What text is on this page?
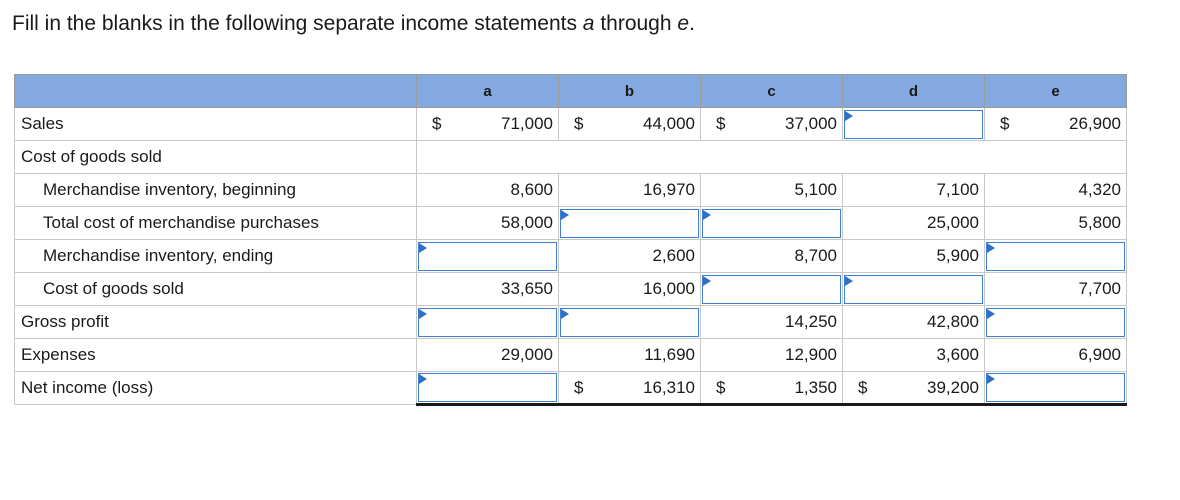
Fill in the blanks in the following separate income statements a through e.
	a		b		c		d		e	
Sales	$	71,000	$	44,000	$	37,000			$	26,900
Cost of goods sold										
Merchandise inventory, beginning		8,600		16,970		5,100		7,100		4,320
Total cost of merchandise purchases		58,000						25,000		5,800
Merchandise inventory, ending				2,600		8,700		5,900		

Cost of goods sold		33,650		16,000						7,700
Gross profit						14,250		42,800		

Expenses		29,000		11,690		12,900		3,600		6,900
Net income (loss)			$	16,310	$	1,350	$	39,200		
